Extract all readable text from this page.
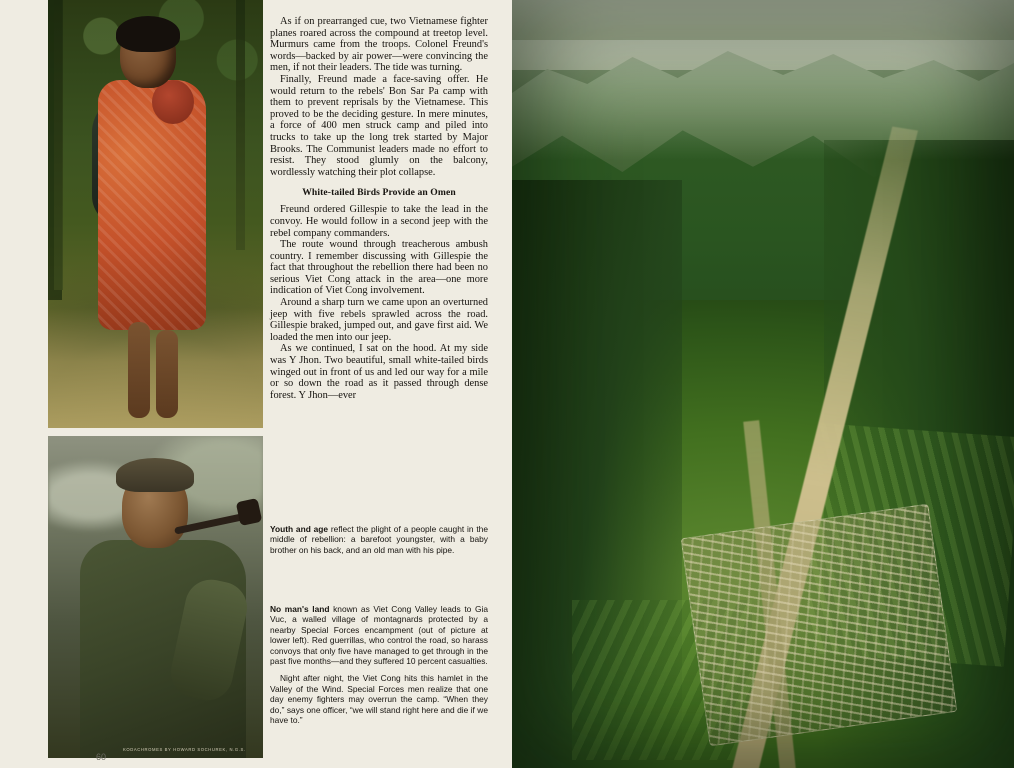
KODACHROMES BY HOWARD SOCHUREK, N.G.S.
60

As if on prearranged cue, two Vietnamese fighter planes roared across the compound at treetop level. Murmurs came from the troops. Colonel Freund's words—backed by air power—were convincing the men, if not their leaders. The tide was turning.

Finally, Freund made a face-saving offer. He would return to the rebels' Bon Sar Pa camp with them to prevent reprisals by the Vietnamese. This proved to be the deciding gesture. In mere minutes, a force of 400 men struck camp and piled into trucks to take up the long trek started by Major Brooks. The Communist leaders made no effort to resist. They stood glumly on the balcony, wordlessly watching their plot collapse.

White-tailed Birds Provide an Omen

Freund ordered Gillespie to take the lead in the convoy. He would follow in a second jeep with the rebel company commanders.

The route wound through treacherous ambush country. I remember discussing with Gillespie the fact that throughout the rebellion there had been no serious Viet Cong attack in the area—one more indication of Viet Cong involvement.

Around a sharp turn we came upon an overturned jeep with five rebels sprawled across the road. Gillespie braked, jumped out, and gave first aid. We loaded the men into our jeep.

As we continued, I sat on the hood. At my side was Y Jhon. Two beautiful, small white-tailed birds winged out in front of us and led our way for a mile or so down the road as it passed through dense forest. Y Jhon—ever

Youth and age reflect the plight of a people caught in the middle of rebellion: a barefoot youngster, with a baby brother on his back, and an old man with his pipe.

No man's land known as Viet Cong Valley leads to Gia Vuc, a walled village of montagnards protected by a nearby Special Forces encampment (out of picture at lower left). Red guerrillas, who control the road, so harass convoys that only five have managed to get through in the past five months—and they suffered 10 percent casualties.

Night after night, the Viet Cong hits this hamlet in the Valley of the Wind. Special Forces men realize that one day enemy fighters may overrun the camp. “When they do,” says one officer, “we will stand right here and die if we have to.”
